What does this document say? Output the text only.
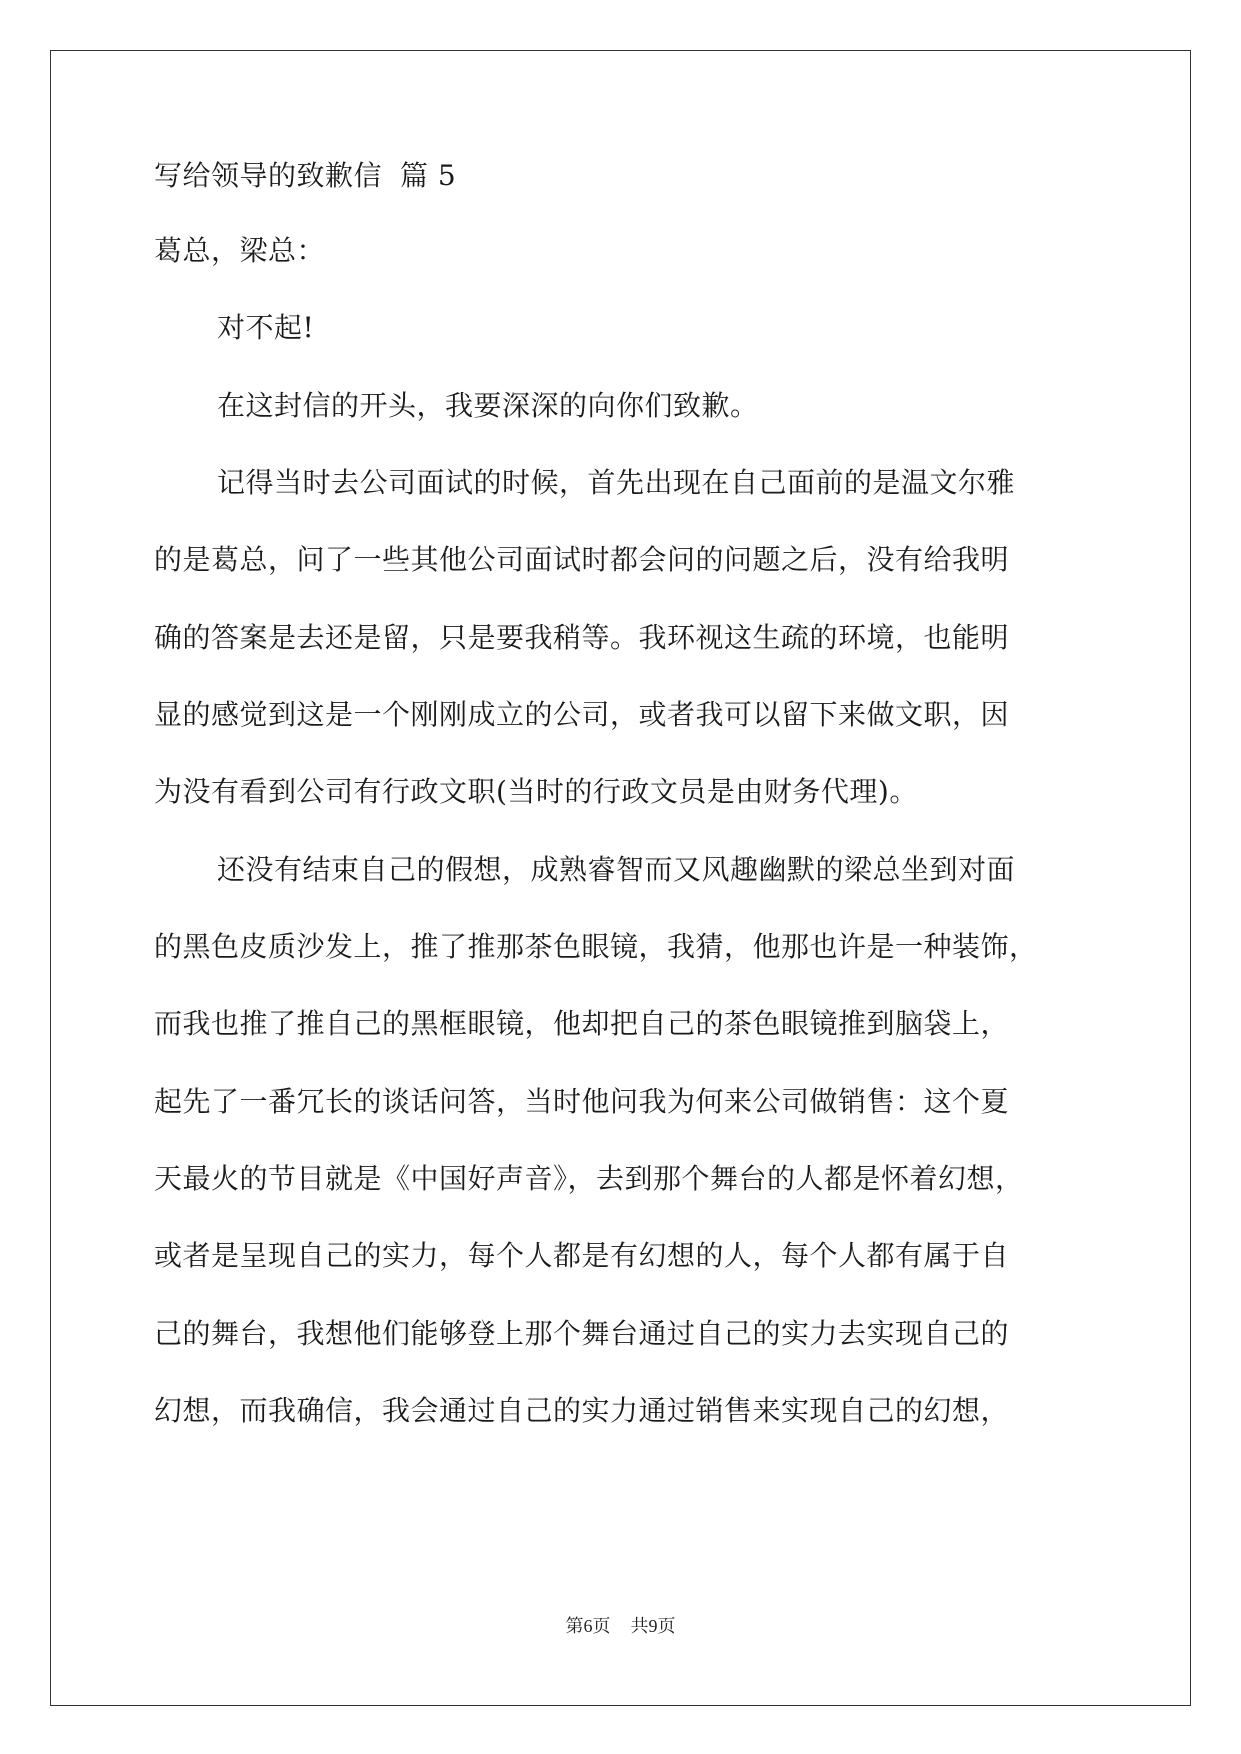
写给领导的致歉信 篇 5

葛总，梁总：

对不起!

在这封信的开头，我要深深的向你们致歉。

记得当时去公司面试的时候，首先出现在自己面前的是温文尔雅

的是葛总，问了一些其他公司面试时都会问的问题之后，没有给我明

确的答案是去还是留，只是要我稍等。我环视这生疏的环境，也能明

显的感觉到这是一个刚刚成立的公司，或者我可以留下来做文职，因

为没有看到公司有行政文职(当时的行政文员是由财务代理)。

还没有结束自己的假想，成熟睿智而又风趣幽默的梁总坐到对面

的黑色皮质沙发上，推了推那茶色眼镜，我猜，他那也许是一种装饰，

而我也推了推自己的黑框眼镜，他却把自己的茶色眼镜推到脑袋上，

起先了一番冗长的谈话问答，当时他问我为何来公司做销售：这个夏

天最火的节目就是《中国好声音》，去到那个舞台的人都是怀着幻想，

或者是呈现自己的实力，每个人都是有幻想的人，每个人都有属于自

己的舞台，我想他们能够登上那个舞台通过自己的实力去实现自己的

幻想，而我确信，我会通过自己的实力通过销售来实现自己的幻想，

第6页 共9页
